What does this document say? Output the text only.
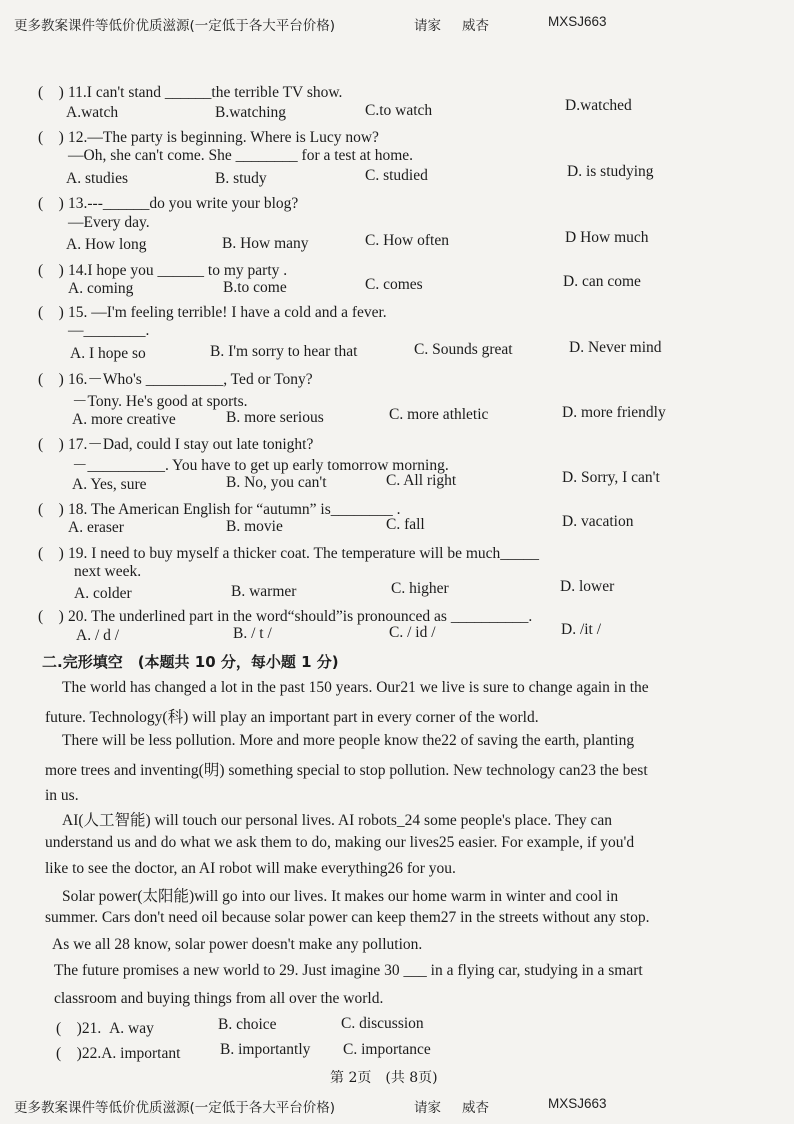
更多教案课件等低价优质滋源(一定低于各大平台价格)	请家 威杏	MXSJ663
(　) 11.I can't stand ______the terrible TV show.
A.watch	B.watching	C.to watch	D.watched
(　) 12.—The party is beginning. Where is Lucy now?
—Oh, she can't come. She ________ for a test at home.
A. studies	B. study	C. studied	D. is studying
(　) 13.---______do you write your blog?
—Every day.
A. How long	B. How many	C. How often	D How much
(　) 14.I hope you ______ to my party .
A. coming	B.to come	C. comes	D. can come
(　) 15. —I'm feeling terrible! I have a cold and a fever.
—________.
A. I hope so	B. I'm sorry to hear that	C. Sounds great	D. Never mind
(　) 16.－Who's __________, Ted or Tony?
－Tony. He's good at sports.
A. more creative	B. more serious	C. more athletic	D. more friendly
(　) 17.－Dad, could I stay out late tonight?
－__________. You have to get up early tomorrow morning.
A. Yes, sure	B. No, you can't	C. All right	D. Sorry, I can't
(　) 18. The American English for “autumn” is________ .
A. eraser	B. movie	C. fall	D. vacation
(　) 19. I need to buy myself a thicker coat. The temperature will be much_____
next week.
A. colder	B. warmer	C. higher	D. lower
(　) 20. The underlined part in the word“should”is pronounced as __________.
A. / d /	B. / t /	C. / id /	D. /it /
二.完形填空　(本题共 10 分，每小题 1 分)
The world has changed a lot in the past 150 years. Our21 we live is sure to change again in the
future. Technology(科) will play an important part in every corner of the world.
There will be less pollution. More and more people know the22 of saving the earth, planting
more trees and inventing(明) something special to stop pollution. New technology can23 the best
in us.
AI(人工智能) will touch our personal lives. AI robots_24 some people's place. They can
understand us and do what we ask them to do, making our lives25 easier. For example, if you'd
like to see the doctor, an AI robot will make everything26 for you.
Solar power(太阳能)will go into our lives. It makes our home warm in winter and cool in
summer. Cars don't need oil because solar power can keep them27 in the streets without any stop.
As we all 28 know, solar power doesn't make any pollution.
The future promises a new world to 29. Just imagine 30 ___ in a flying car, studying in a smart
classroom and buying things from all over the world.
(　)21. A. way	B. choice	C. discussion
(　)22.A. important	B. importantly C. importance
第 2页　(共 8页)
更多教案课件等低价优质滋源(一定低于各大平台价格)	请家 威杏	MXSJ663
